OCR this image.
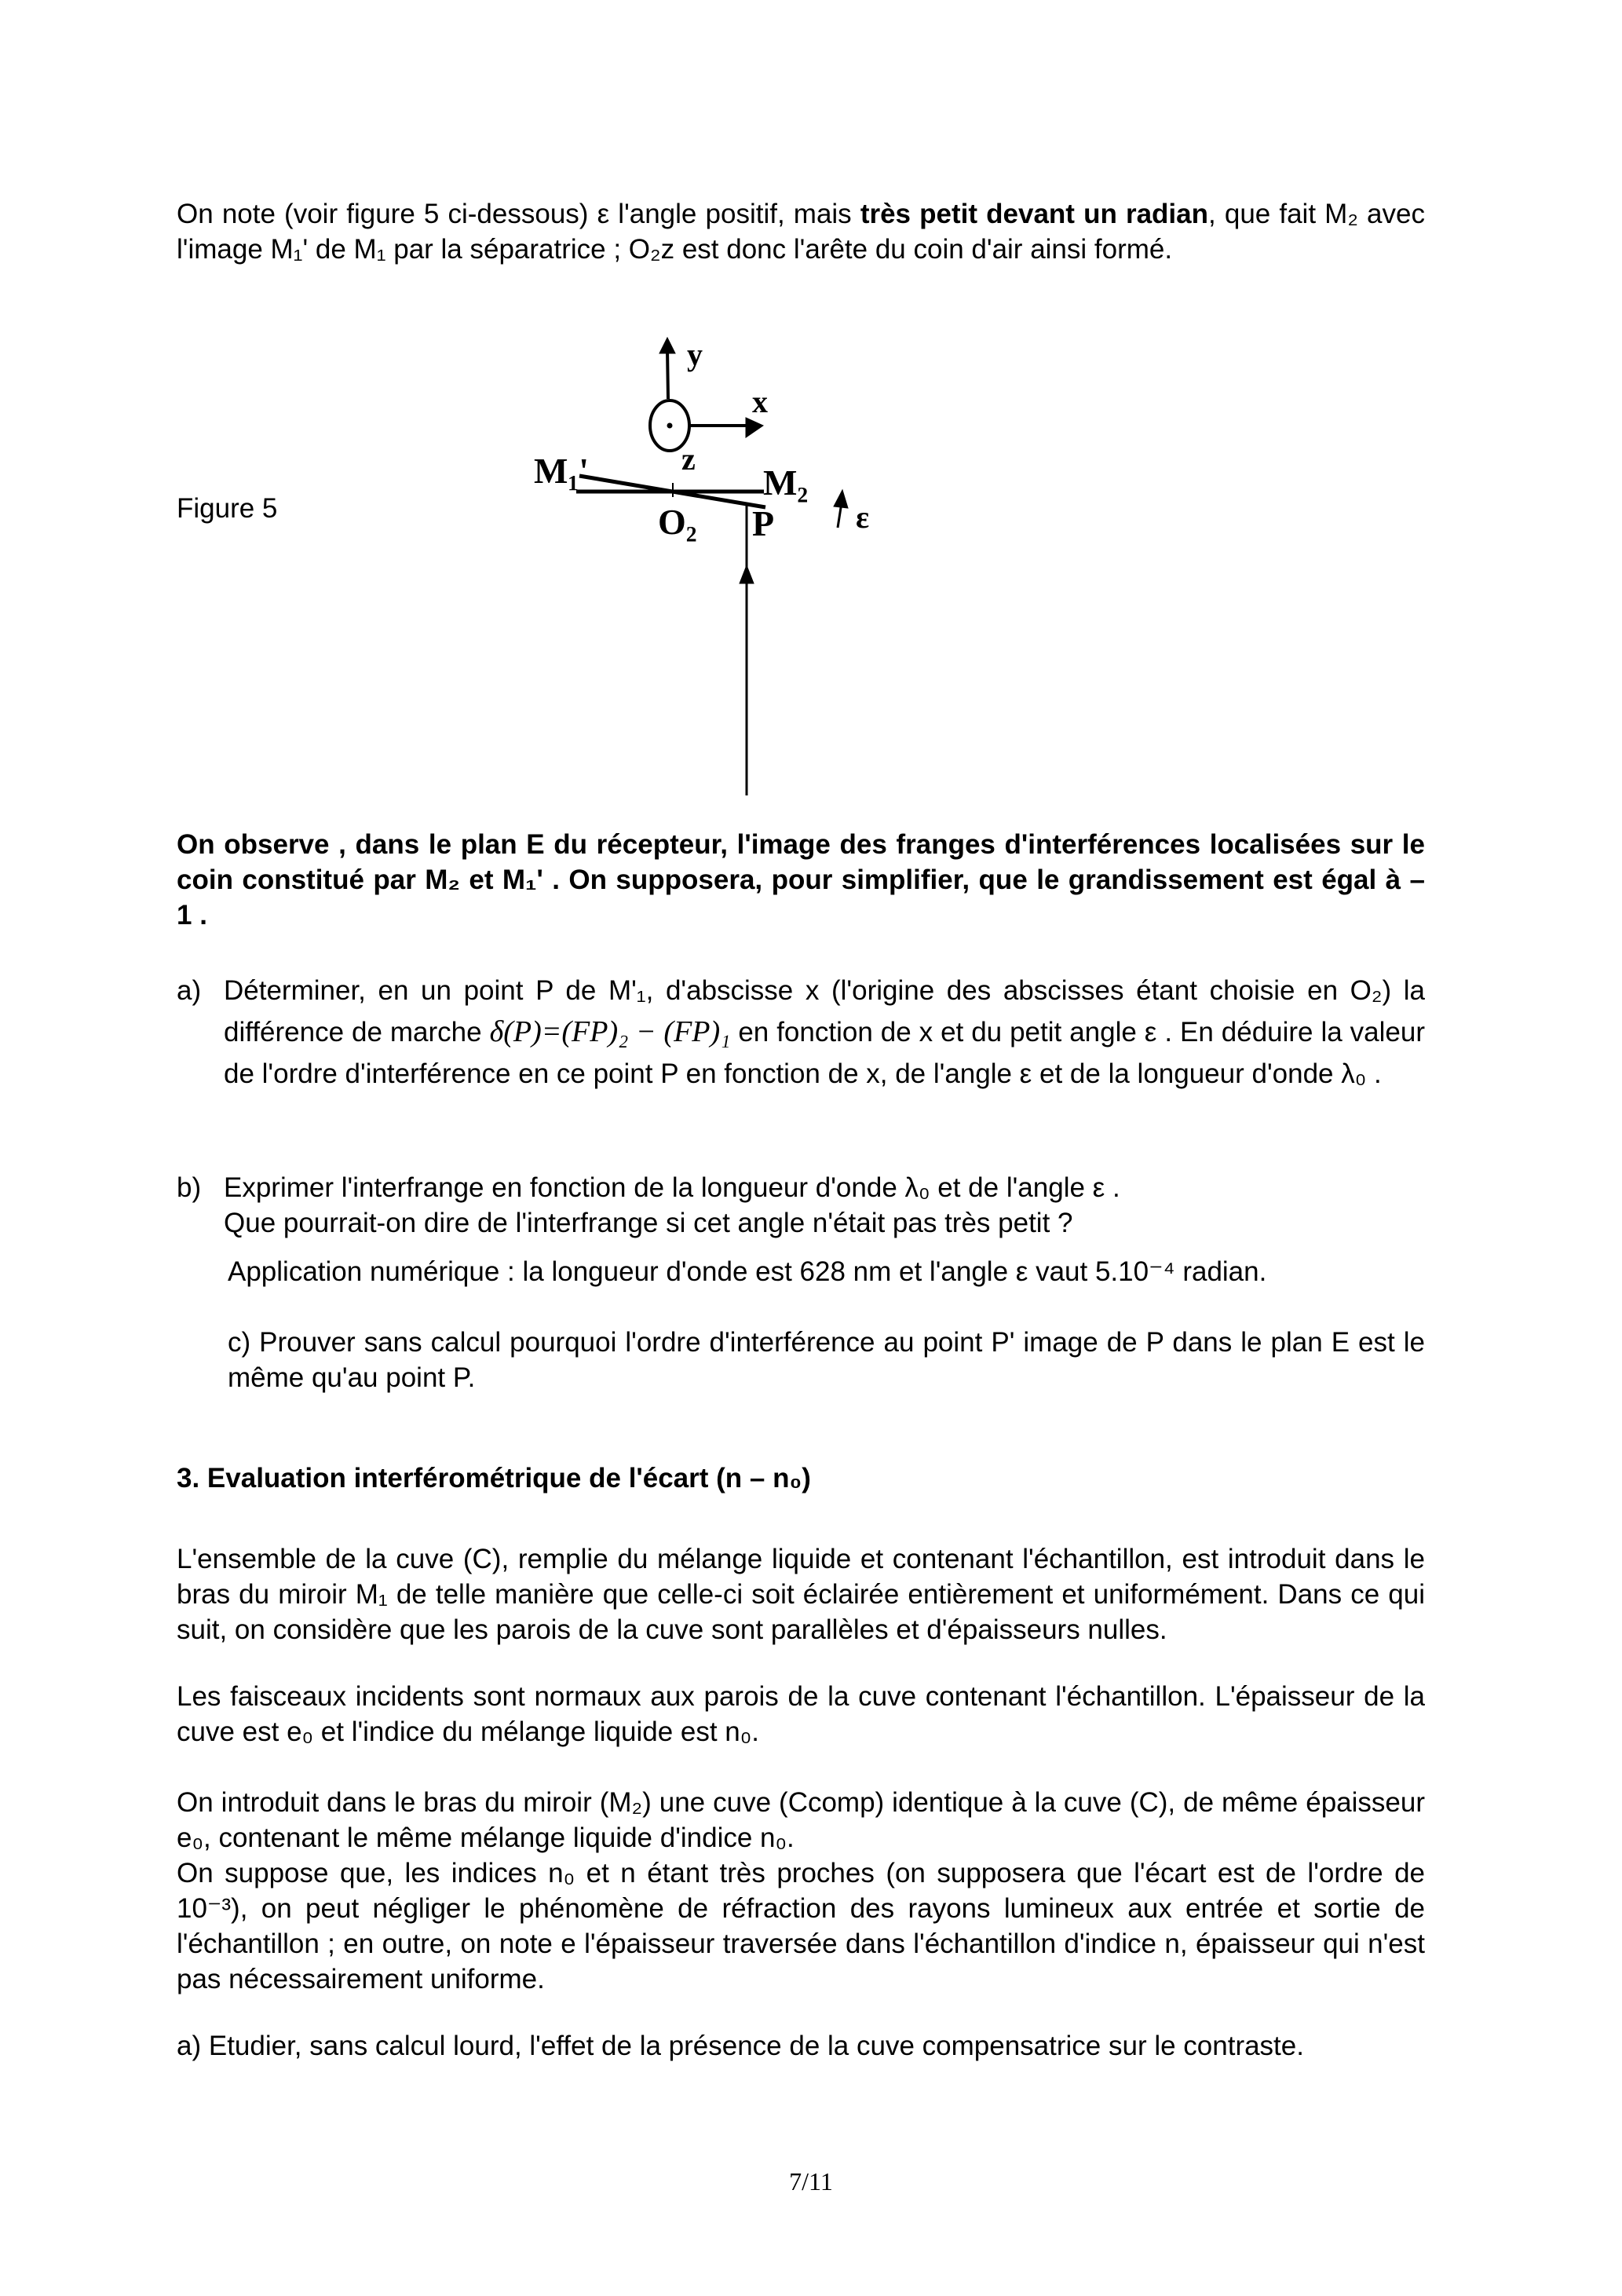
On note (voir figure 5 ci-dessous) ε l'angle positif, mais très petit devant un radian, que fait M₂ avec l'image M₁' de M₁ par la séparatrice ; O₂z est donc l'arête du coin d'air ainsi formé.
Figure 5
y
x
z
M₁'	M₂
O₂ P	ε
On observe , dans le plan E du récepteur, l'image des franges d'interférences localisées sur le coin constitué par M₂ et M₁' . On supposera, pour simplifier, que le grandissement est égal à – 1 .
a) Déterminer, en un point P de M'₁, d'abscisse x (l'origine des abscisses étant choisie en O₂) la différence de marche δ(P)=(FP)₂ − (FP)₁ en fonction de x et du petit angle ε . En déduire la valeur de l'ordre d'interférence en ce point P en fonction de x, de l'angle ε et de la longueur d'onde λ₀ .
b) Exprimer l'interfrange en fonction de la longueur d'onde λ₀ et de l'angle ε .
Que pourrait-on dire de l'interfrange si cet angle n'était pas très petit ?
Application numérique : la longueur d'onde est 628 nm et l'angle ε vaut 5.10⁻⁴ radian.
c) Prouver sans calcul pourquoi l'ordre d'interférence au point P' image de P dans le plan E est le même qu'au point P.
3. Evaluation interférométrique de l'écart (n – n₀)
L'ensemble de la cuve (C), remplie du mélange liquide et contenant l'échantillon, est introduit dans le bras du miroir M₁ de telle manière que celle-ci soit éclairée entièrement et uniformément. Dans ce qui suit, on considère que les parois de la cuve sont parallèles et d'épaisseurs nulles.
Les faisceaux incidents sont normaux aux parois de la cuve contenant l'échantillon. L'épaisseur de la cuve est e₀ et l'indice du mélange liquide est n₀.
On introduit dans le bras du miroir (M₂) une cuve (Ccomp) identique à la cuve (C), de même épaisseur e₀, contenant le même mélange liquide d'indice n₀.
On suppose que, les indices n₀ et n étant très proches (on supposera que l'écart est de l'ordre de 10⁻³), on peut négliger le phénomène de réfraction des rayons lumineux aux entrée et sortie de l'échantillon ; en outre, on note e l'épaisseur traversée dans l'échantillon d'indice n, épaisseur qui n'est pas nécessairement uniforme.
a) Etudier, sans calcul lourd, l'effet de la présence de la cuve compensatrice sur le contraste.
7/11
